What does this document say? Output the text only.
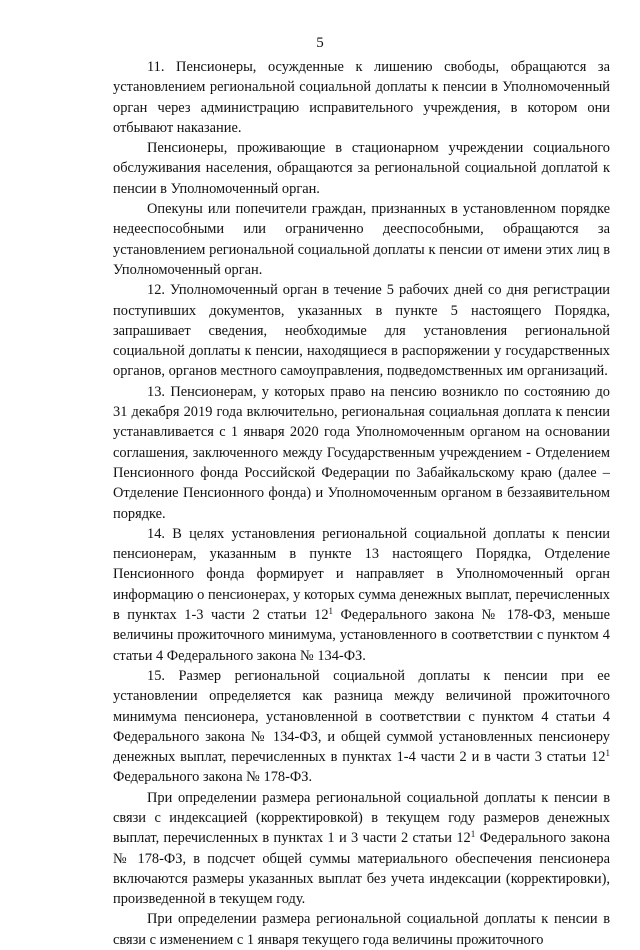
5

11. Пенсионеры, осужденные к лишению свободы, обращаются за установлением региональной социальной доплаты к пенсии в Уполномоченный орган через администрацию исправительного учреждения, в котором они отбывают наказание.

Пенсионеры, проживающие в стационарном учреждении социального обслуживания населения, обращаются за региональной социальной доплатой к пенсии в Уполномоченный орган.

Опекуны или попечители граждан, признанных в установленном порядке недееспособными или ограниченно дееспособными, обращаются за установлением региональной социальной доплаты к пенсии от имени этих лиц в Уполномоченный орган.

12. Уполномоченный орган в течение 5 рабочих дней со дня регистрации поступивших документов, указанных в пункте 5 настоящего Порядка, запрашивает сведения, необходимые для установления региональной социальной доплаты к пенсии, находящиеся в распоряжении у государственных органов, органов местного самоуправления, подведомственных им организаций.

13. Пенсионерам, у которых право на пенсию возникло по состоянию до 31 декабря 2019 года включительно, региональная социальная доплата к пенсии устанавливается с 1 января 2020 года Уполномоченным органом на основании соглашения, заключенного между Государственным учреждением - Отделением Пенсионного фонда Российской Федерации по Забайкальскому краю (далее – Отделение Пенсионного фонда) и Уполномоченным органом в беззаявительном порядке.

14. В целях установления региональной социальной доплаты к пенсии пенсионерам, указанным в пункте 13 настоящего Порядка, Отделение Пенсионного фонда формирует и направляет в Уполномоченный орган информацию о пенсионерах, у которых сумма денежных выплат, перечисленных в пунктах 1-3 части 2 статьи $12^1$ Федерального закона № 178-ФЗ, меньше величины прожиточного минимума, установленного в соответствии с пунктом 4 статьи 4 Федерального закона № 134-ФЗ.

15. Размер региональной социальной доплаты к пенсии при ее установлении определяется как разница между величиной прожиточного минимума пенсионера, установленной в соответствии с пунктом 4 статьи 4 Федерального закона № 134-ФЗ, и общей суммой установленных пенсионеру денежных выплат, перечисленных в пунктах 1-4 части 2 и в части 3 статьи $12^1$ Федерального закона № 178-ФЗ.

При определении размера региональной социальной доплаты к пенсии в связи с индексацией (корректировкой) в текущем году размеров денежных выплат, перечисленных в пунктах 1 и 3 части 2 статьи $12^1$ Федерального закона № 178-ФЗ, в подсчет общей суммы материального обеспечения пенсионера включаются размеры указанных выплат без учета индексации (корректировки), произведенной в текущем году.

При определении размера региональной социальной доплаты к пенсии в связи с изменением с 1 января текущего года величины прожиточного
